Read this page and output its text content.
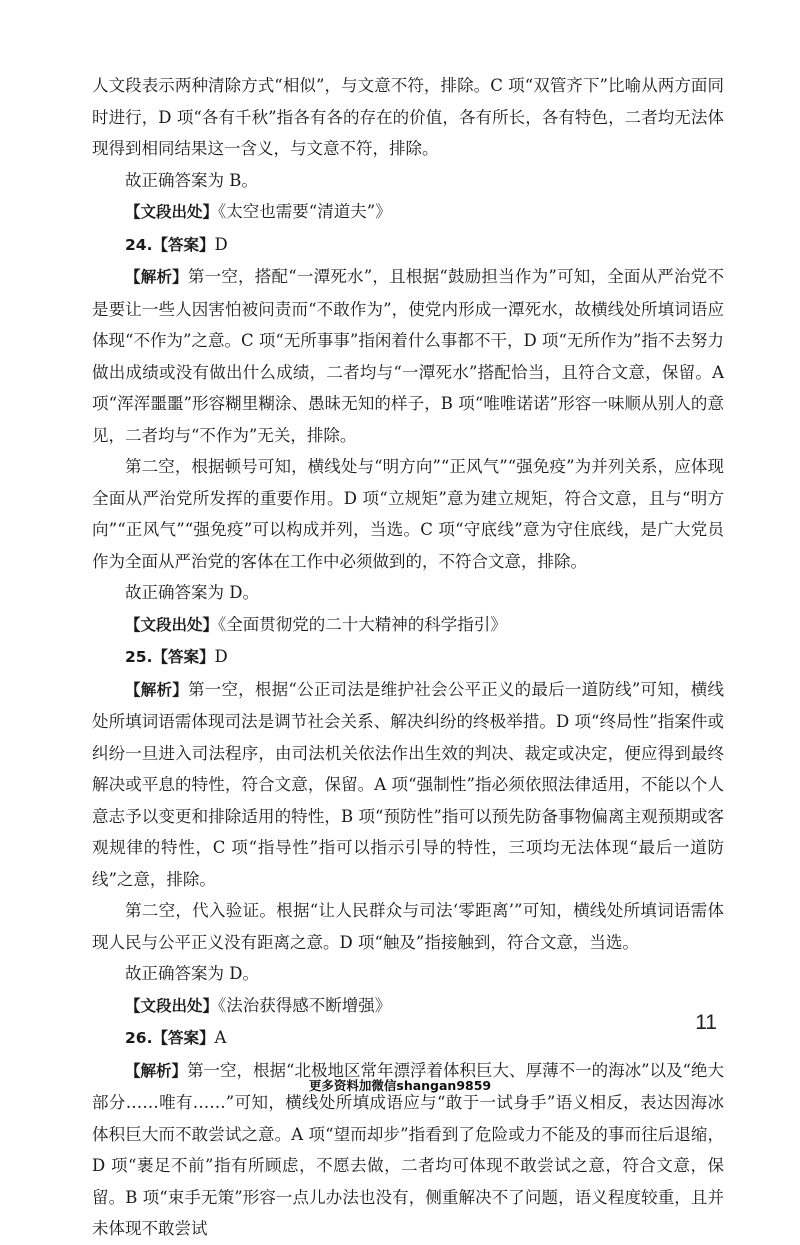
人文段表示两种清除方式“相似”，与文意不符，排除。C 项“双管齐下”比喻从两方面同时进行，D 项“各有千秋”指各有各的存在的价值，各有所长，各有特色，二者均无法体现得到相同结果这一含义，与文意不符，排除。

故正确答案为 B。

【文段出处】《太空也需要“清道夫”》

24.【答案】D

【解析】第一空，搭配“一潭死水”，且根据“鼓励担当作为”可知，全面从严治党不是要让一些人因害怕被问责而“不敢作为”，使党内形成一潭死水，故横线处所填词语应体现“不作为”之意。C 项“无所事事”指闲着什么事都不干，D 项“无所作为”指不去努力做出成绩或没有做出什么成绩，二者均与“一潭死水”搭配恰当，且符合文意，保留。A 项“浑浑噩噩”形容糊里糊涂、愚昧无知的样子，B 项“唯唯诺诺”形容一味顺从别人的意见，二者均与“不作为”无关，排除。

第二空，根据顿号可知，横线处与“明方向”“正风气”“强免疫”为并列关系，应体现全面从严治党所发挥的重要作用。D 项“立规矩”意为建立规矩，符合文意，且与“明方向”“正风气”“强免疫”可以构成并列，当选。C 项“守底线”意为守住底线，是广大党员作为全面从严治党的客体在工作中必须做到的，不符合文意，排除。

故正确答案为 D。

【文段出处】《全面贯彻党的二十大精神的科学指引》

25.【答案】D

【解析】第一空，根据“公正司法是维护社会公平正义的最后一道防线”可知，横线处所填词语需体现司法是调节社会关系、解决纠纷的终极举措。D 项“终局性”指案件或纠纷一旦进入司法程序，由司法机关依法作出生效的判决、裁定或决定，便应得到最终解决或平息的特性，符合文意，保留。A 项“强制性”指必须依照法律适用，不能以个人意志予以变更和排除适用的特性，B 项“预防性”指可以预先防备事物偏离主观预期或客观规律的特性，C 项“指导性”指可以指示引导的特性，三项均无法体现“最后一道防线”之意，排除。

第二空，代入验证。根据“让人民群众与司法‘零距离’”可知，横线处所填词语需体现人民与公平正义没有距离之意。D 项“触及”指接触到，符合文意，当选。

故正确答案为 D。

【文段出处】《法治获得感不断增强》

26.【答案】A

【解析】第一空，根据“北极地区常年漂浮着体积巨大、厚薄不一的海冰”以及“绝大部分……唯有……”可知，横线处所填成语应与“敢于一试身手”语义相反，表达因海冰体积巨大而不敢尝试之意。A 项“望而却步”指看到了危险或力不能及的事而往后退缩，D 项“裹足不前”指有所顾虑，不愿去做，二者均可体现不敢尝试之意，符合文意，保留。B 项“束手无策”形容一点儿办法也没有，侧重解决不了问题，语义程度较重，且并未体现不敢尝试

11
更多资料加微信shangan9859
